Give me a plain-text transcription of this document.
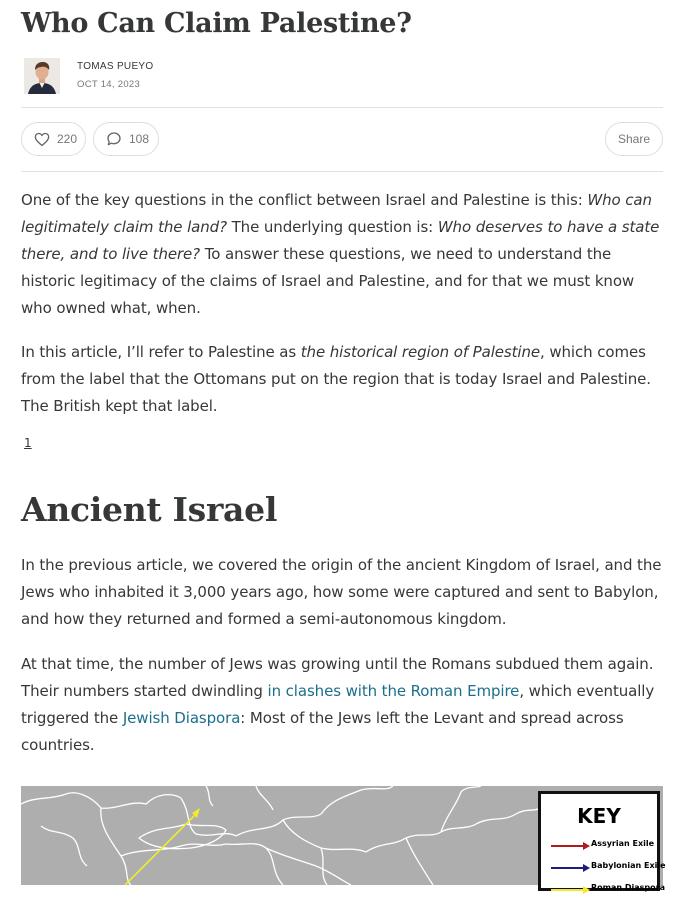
Who Can Claim Palestine?
TOMAS PUEYO
OCT 14, 2023
220	108	Share

One of the key questions in the conflict between Israel and Palestine is this: Who can legitimately claim the land? The underlying question is: Who deserves to have a state there, and to live there? To answer these questions, we need to understand the historic legitimacy of the claims of Israel and Palestine, and for that we must know who owned what, when.

In this article, I’ll refer to Palestine as the historical region of Palestine, which comes from the label that the Ottomans put on the region that is today Israel and Palestine. The British kept that label.

1
Ancient Israel

In the previous article, we covered the origin of the ancient Kingdom of Israel, and the Jews who inhabited it 3,000 years ago, how some were captured and sent to Babylon, and how they returned and formed a semi-autonomous kingdom.

At that time, the number of Jews was growing until the Romans subdued them again. Their numbers started dwindling in clashes with the Roman Empire, which eventually triggered the Jewish Diaspora: Most of the Jews left the Levant and spread across countries.

KEY
Assyrian Exile
Babylonian Exile
Roman Diaspora
